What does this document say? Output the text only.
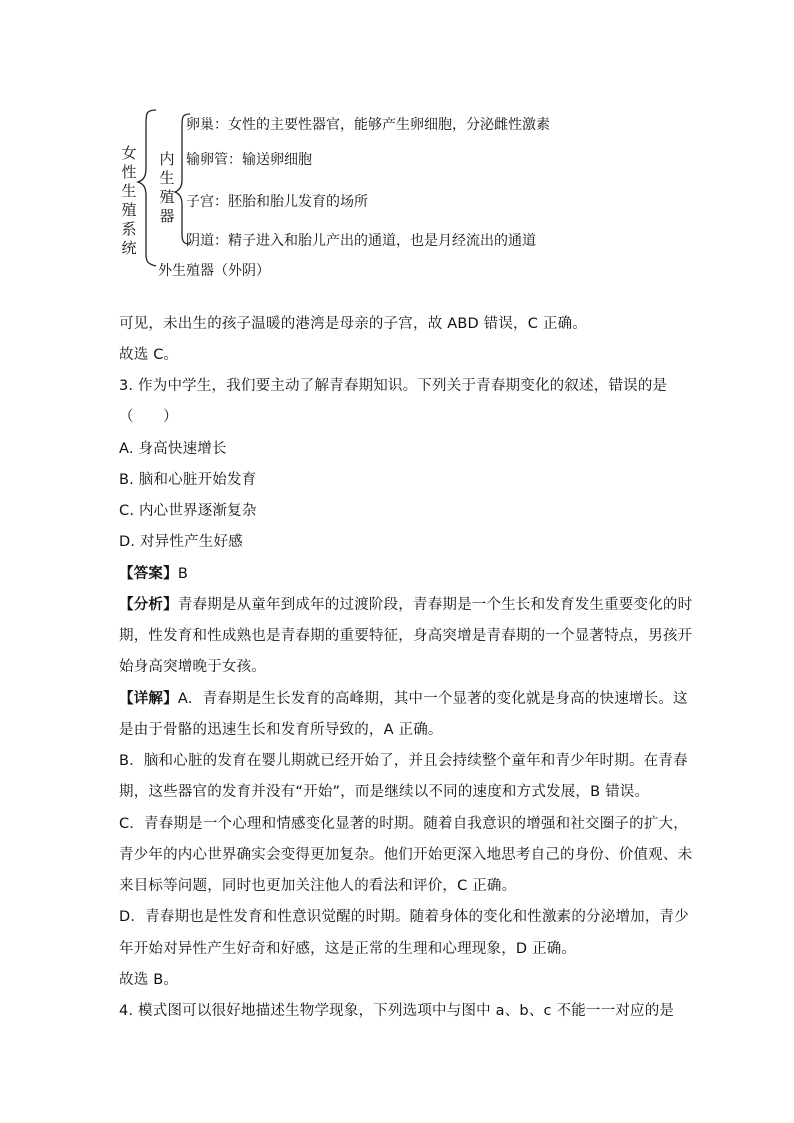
女性生殖系统
内生殖器
卵巢：女性的主要性器官，能够产生卵细胞，分泌雌性激素
输卵管：输送卵细胞
子宫：胚胎和胎儿发育的场所
阴道：精子进入和胎儿产出的通道，也是月经流出的通道
外生殖器（外阴）
可见，未出生的孩子温暖的港湾是母亲的子宫，故 ABD 错误，C 正确。
故选 C。
3. 作为中学生，我们要主动了解青春期知识。下列关于青春期变化的叙述，错误的是
（　　）
A. 身高快速增长
B. 脑和心脏开始发育
C. 内心世界逐渐复杂
D. 对异性产生好感
【答案】B
【分析】青春期是从童年到成年的过渡阶段，青春期是一个生长和发育发生重要变化的时
期，性发育和性成熟也是青春期的重要特征，身高突增是青春期的一个显著特点，男孩开
始身高突增晚于女孩。
【详解】A．青春期是生长发育的高峰期，其中一个显著的变化就是身高的快速增长。这
是由于骨骼的迅速生长和发育所导致的，A 正确。
B．脑和心脏的发育在婴儿期就已经开始了，并且会持续整个童年和青少年时期。在青春
期，这些器官的发育并没有“开始”，而是继续以不同的速度和方式发展，B 错误。
C．青春期是一个心理和情感变化显著的时期。随着自我意识的增强和社交圈子的扩大，
青少年的内心世界确实会变得更加复杂。他们开始更深入地思考自己的身份、价值观、未
来目标等问题，同时也更加关注他人的看法和评价，C 正确。
D．青春期也是性发育和性意识觉醒的时期。随着身体的变化和性激素的分泌增加，青少
年开始对异性产生好奇和好感，这是正常的生理和心理现象，D 正确。
故选 B。
4. 模式图可以很好地描述生物学现象，下列选项中与图中 a、b、c 不能一一对应的是
